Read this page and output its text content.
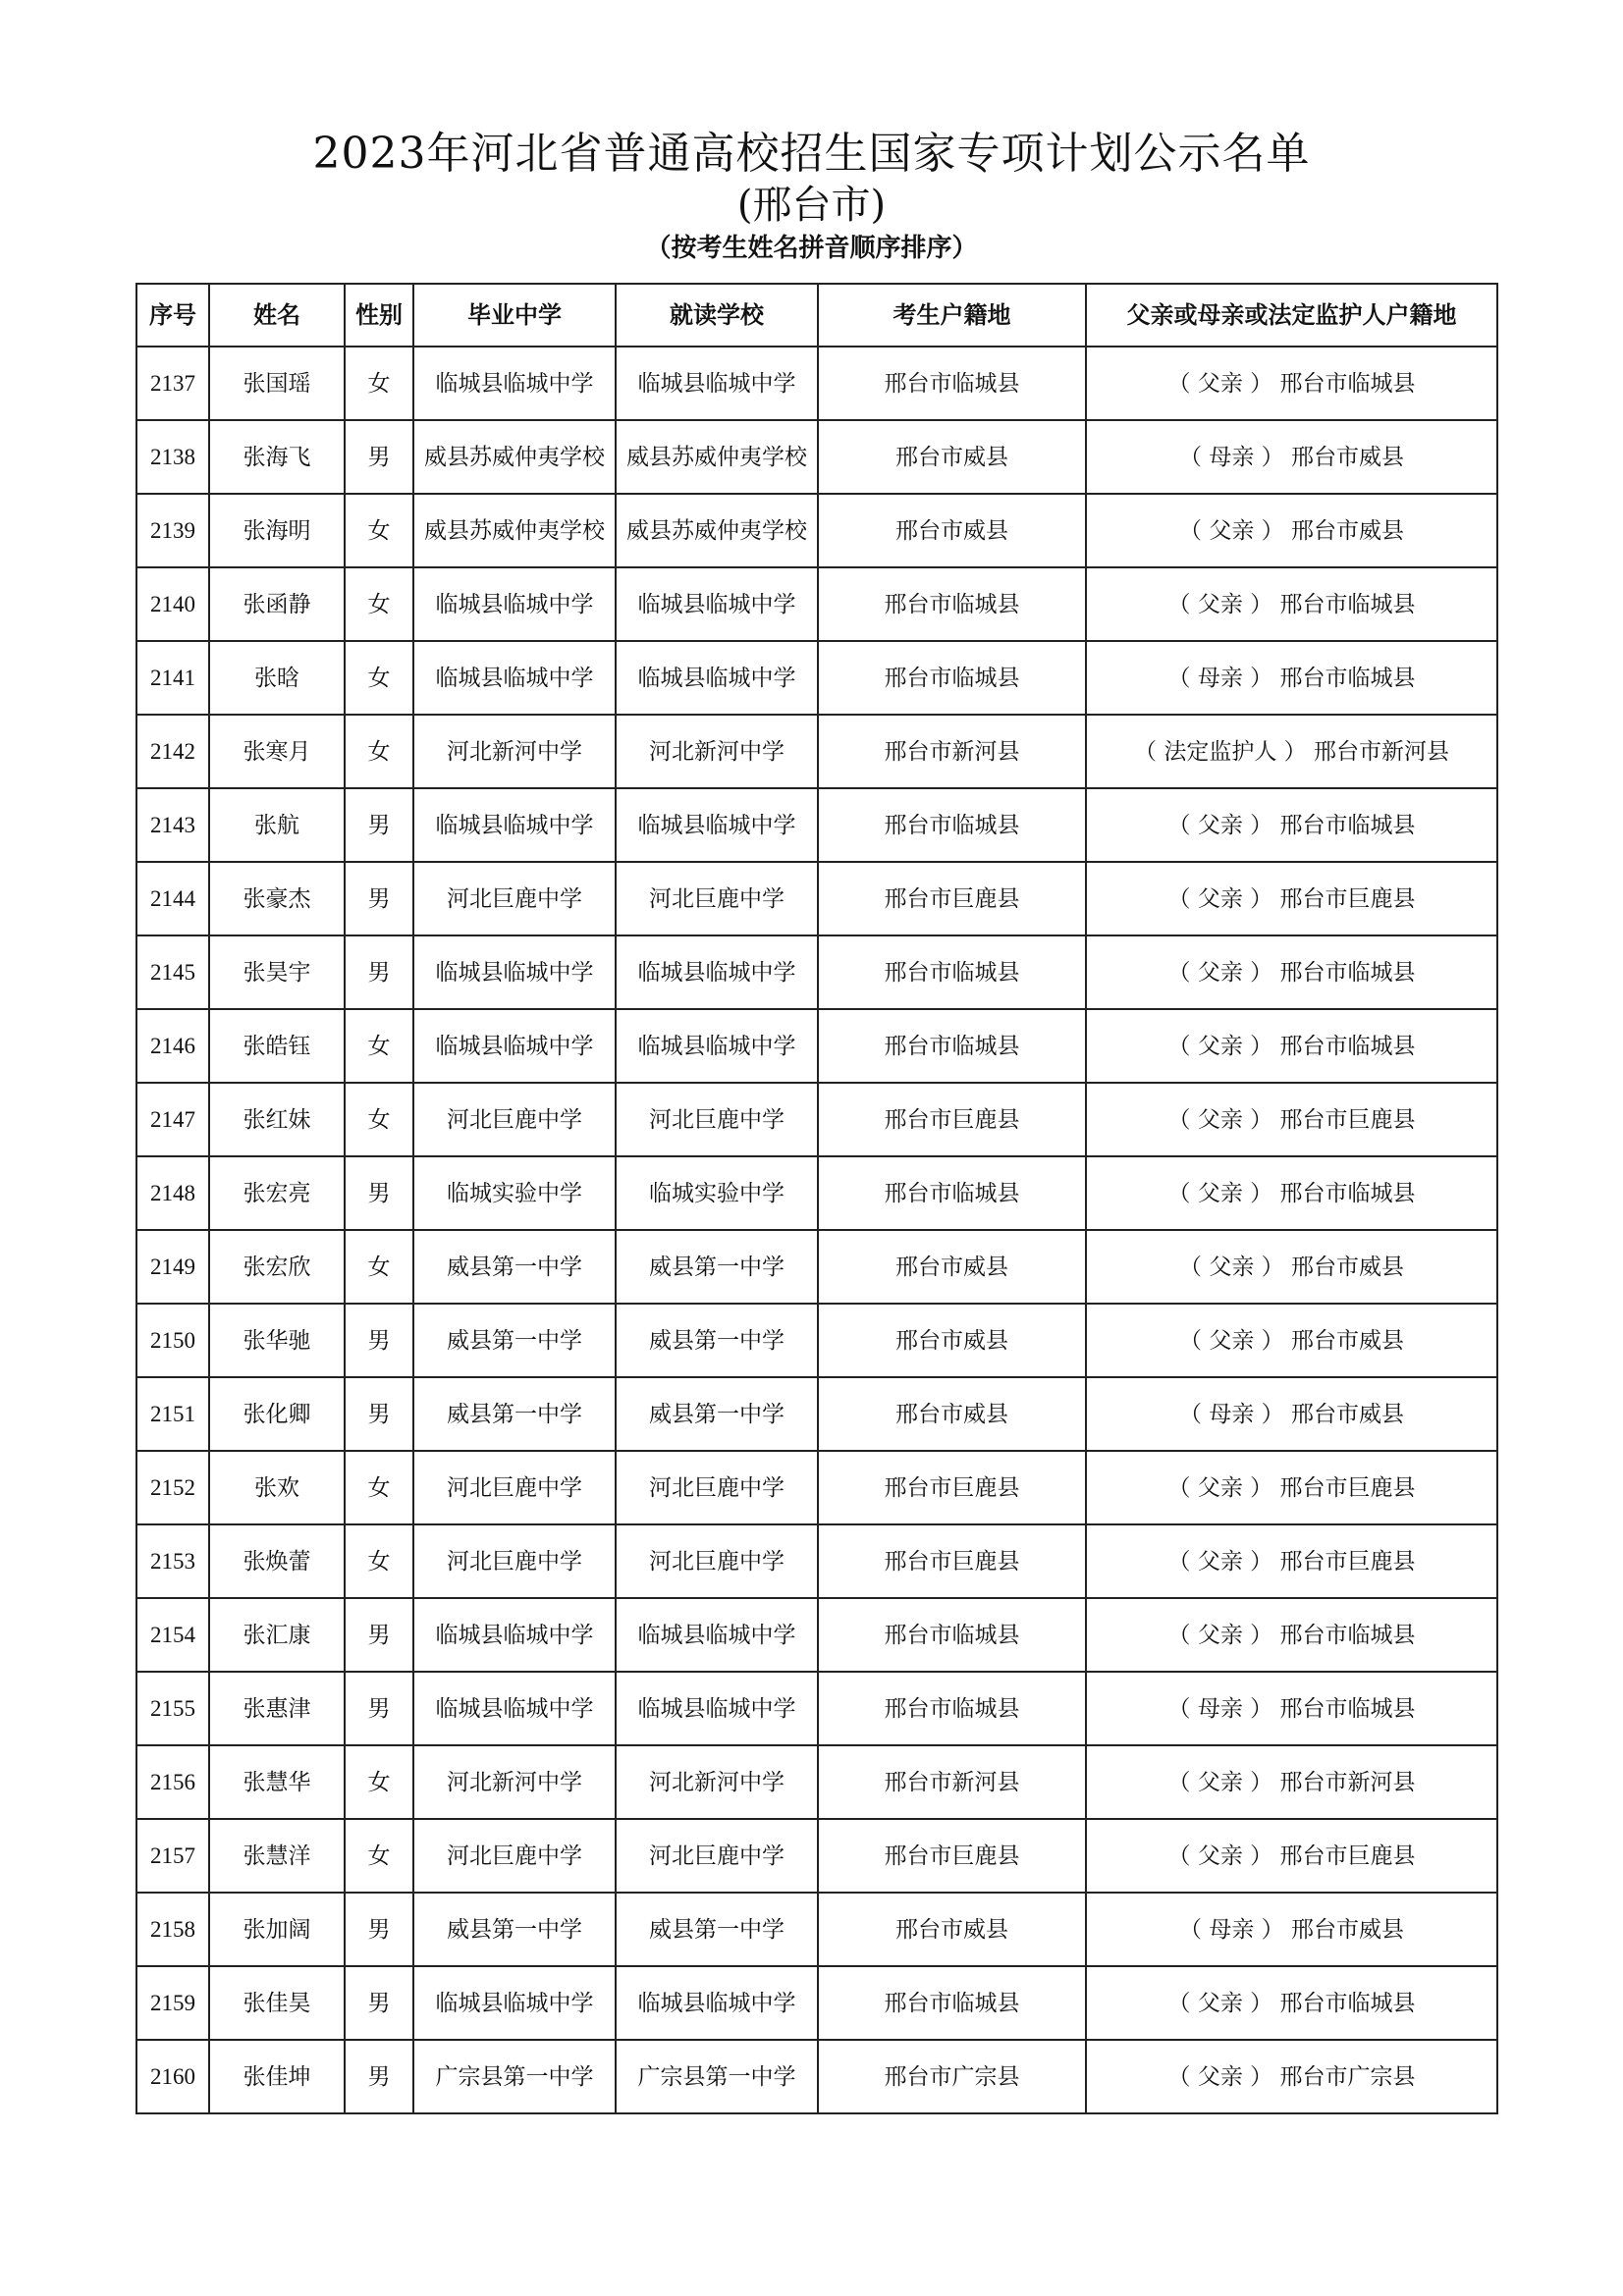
2023年河北省普通高校招生国家专项计划公示名单
(邢台市)
（按考生姓名拼音顺序排序）
序号	姓名	性别	毕业中学	就读学校	考生户籍地	父亲或母亲或法定监护人户籍地
2137	张国瑶	女	临城县临城中学	临城县临城中学	邢台市临城县	（ 父亲 ） 邢台市临城县
2138	张海飞	男	威县苏威仲夷学校	威县苏威仲夷学校	邢台市威县	（ 母亲 ） 邢台市威县
2139	张海明	女	威县苏威仲夷学校	威县苏威仲夷学校	邢台市威县	（ 父亲 ） 邢台市威县
2140	张函静	女	临城县临城中学	临城县临城中学	邢台市临城县	（ 父亲 ） 邢台市临城县
2141	张晗	女	临城县临城中学	临城县临城中学	邢台市临城县	（ 母亲 ） 邢台市临城县
2142	张寒月	女	河北新河中学	河北新河中学	邢台市新河县	（ 法定监护人 ） 邢台市新河县
2143	张航	男	临城县临城中学	临城县临城中学	邢台市临城县	（ 父亲 ） 邢台市临城县
2144	张豪杰	男	河北巨鹿中学	河北巨鹿中学	邢台市巨鹿县	（ 父亲 ） 邢台市巨鹿县
2145	张昊宇	男	临城县临城中学	临城县临城中学	邢台市临城县	（ 父亲 ） 邢台市临城县
2146	张皓钰	女	临城县临城中学	临城县临城中学	邢台市临城县	（ 父亲 ） 邢台市临城县
2147	张红妹	女	河北巨鹿中学	河北巨鹿中学	邢台市巨鹿县	（ 父亲 ） 邢台市巨鹿县
2148	张宏亮	男	临城实验中学	临城实验中学	邢台市临城县	（ 父亲 ） 邢台市临城县
2149	张宏欣	女	威县第一中学	威县第一中学	邢台市威县	（ 父亲 ） 邢台市威县
2150	张华驰	男	威县第一中学	威县第一中学	邢台市威县	（ 父亲 ） 邢台市威县
2151	张化卿	男	威县第一中学	威县第一中学	邢台市威县	（ 母亲 ） 邢台市威县
2152	张欢	女	河北巨鹿中学	河北巨鹿中学	邢台市巨鹿县	（ 父亲 ） 邢台市巨鹿县
2153	张焕蕾	女	河北巨鹿中学	河北巨鹿中学	邢台市巨鹿县	（ 父亲 ） 邢台市巨鹿县
2154	张汇康	男	临城县临城中学	临城县临城中学	邢台市临城县	（ 父亲 ） 邢台市临城县
2155	张惠津	男	临城县临城中学	临城县临城中学	邢台市临城县	（ 母亲 ） 邢台市临城县
2156	张慧华	女	河北新河中学	河北新河中学	邢台市新河县	（ 父亲 ） 邢台市新河县
2157	张慧洋	女	河北巨鹿中学	河北巨鹿中学	邢台市巨鹿县	（ 父亲 ） 邢台市巨鹿县
2158	张加阔	男	威县第一中学	威县第一中学	邢台市威县	（ 母亲 ） 邢台市威县
2159	张佳昊	男	临城县临城中学	临城县临城中学	邢台市临城县	（ 父亲 ） 邢台市临城县
2160	张佳坤	男	广宗县第一中学	广宗县第一中学	邢台市广宗县	（ 父亲 ） 邢台市广宗县
